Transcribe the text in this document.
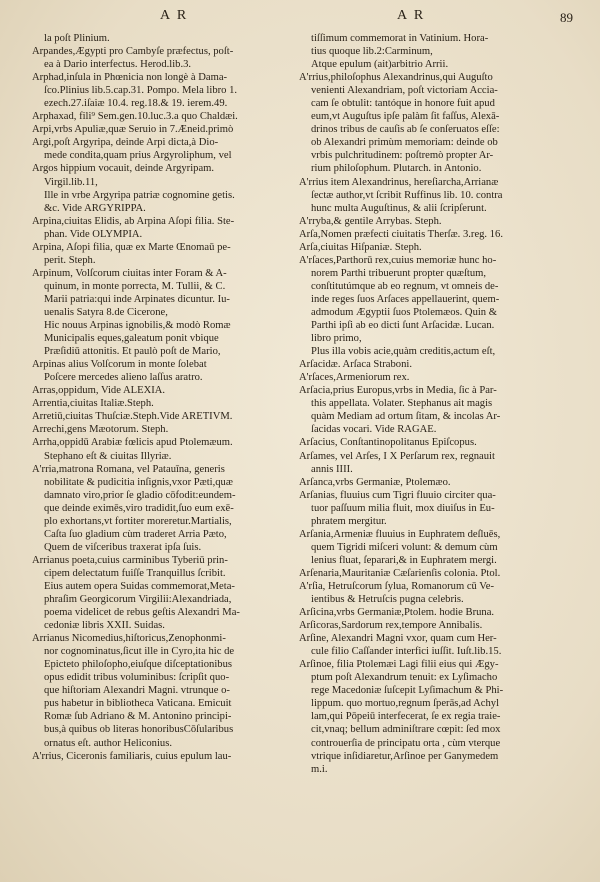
A R	A R	89
la poſt Plinium.
Arpandes,Ægypti pro Cambyſe præfectus, poſt-
ea à Dario interfectus. Herod.lib.3.
Arphad,inſula in Phœnicia non longè à Dama-
ſco.Plinius lib.5.cap.31. Pompo. Mela libro 1.
ezech.27.iſaiæ 10.4. reg.18.& 19. ierem.49.
Arphaxad, fili⁹ Sem.gen.10.luc.3.a quo Chaldæi.
Arpi,vrbs Apuliæ,quæ Seruio in 7.Æneid.primò
Argi,poſt Argyripa, deinde Arpi dicta,à Dio-
mede condita,quam prius Argyroliphum, vel
Argos hippium vocauit, deinde Argyripam.
Virgil.lib.11,
Ille in vrbe Argyripa patriæ cognomine getis.
&c. Vide ARGYRIPPA.
Arpina,ciuitas Elidis, ab Arpina Aſopi filia. Ste-
phan. Vide OLYMPIA.
Arpina, Aſopi filia, quæ ex Marte Œnomaū pe-
perit. Steph.
Arpinum, Volſcorum ciuitas inter Foram & A-
quinum, in monte porrecta, M. Tullii, & C.
Marii patria:qui inde Arpinates dicuntur. Iu-
uenalis Satyra 8.de Cicerone,
Hic nouus Arpinas ignobilis,& modò Romæ
Municipalis eques,galeatum ponit vbique
Præſidiū attonitis. Et paulò poſt de Mario,
Arpinas alius Volſcorum in monte ſolebat
Poſcere mercedes alieno laſſus aratro.
Arras,oppidum, Vide ALEXIA.
Arrentia,ciuitas Italiæ.Steph.
Arretiū,ciuitas Thuſciæ.Steph.Vide ARETIVM.
Arrechi,gens Mæotorum. Steph.
Arrha,oppidū Arabiæ fœlicis apud Ptolemæum.
Stephano eſt & ciuitas Illyriæ.
A'rria,matrona Romana, vel Patauīna, generis
nobilitate & pudicitia inſignis,vxor Pæti,quæ
damnato viro,prior ſe gladio cōfodit:eundem-
que deinde eximēs,viro tradidit,ſuo eum exē-
plo exhortans,vt fortiter moreretur.Martialis,
Caſta ſuo gladium cùm traderet Arria Pæto,
Quem de viſceribus traxerat ipſa ſuis.
Arrianus poeta,cuius carminibus Tyberiū prin-
cipem delectatum fuiſſe Tranquillus ſcribit.
Eius autem opera Suidas commemorat,Meta-
phraſim Georgicorum Virgilii:Alexandriada,
poema videlicet de rebus geſtis Alexandri Ma-
cedoniæ libris XXII. Suidas.
Arrianus Nicomedius,hiſtoricus,Zenophonmi-
nor cognominatus,ſicut ille in Cyro,ita hic de
Epicteto philoſopho,eiuſque diſceptationibus
opus edidit tribus voluminibus: ſcripſit quo-
que hiſtoriam Alexandri Magni. vtrunque o-
pus habetur in bibliotheca Vaticana. Emicuit
Romæ ſub Adriano & M. Antonino principi-
bus,à quibus ob literas honoribusCōſularibus
ornatus eſt. author Heliconius.
A'rrius, Ciceronis familiaris, cuius epulum lau-
tiſſimum commemorat in Vatinium. Hora-
tius quoque lib.2:Carminum,
Atque epulum (ait)arbitrio Arrii.
A'rrius,philoſophus Alexandrinus,qui Auguſto
venienti Alexandriam, poſt victoriam Accia-
cam ſe obtulit: tantóque in honore fuit apud
eum,vt Auguſtus ipſe palàm ſit faſſus, Alexā-
drinos tribus de cauſis ab ſe conſeruatos eſſe:
ob Alexandri primùm memoriam: deinde ob
vrbis pulchritudinem: poſtremò propter Ar-
rium philoſophum. Plutarch. in Antonio.
A'rrius item Alexandrinus, hereſiarcha,Arrianæ
ſectæ author,vt ſcribit Ruffinus lib. 10. contra
hunc multa Auguſtinus, & alii ſcripſerunt.
A'rryba,& gentile Arrybas. Steph.
Arſa,Nomen præfecti ciuitatis Therſæ. 3.reg. 16.
Arſa,ciuitas Hiſpaniæ. Steph.
A'rſaces,Parthorū rex,cuius memoriæ hunc ho-
norem Parthi tribuerunt propter quæſtum,
conſtitutúmque ab eo regnum, vt omneis de-
inde reges ſuos Arſaces appellauerint, quem-
admodum Ægyptii ſuos Ptolemæos. Quin &
Parthi ipſi ab eo dicti ſunt Arſacidæ. Lucan.
libro primo,
Plus illa vobis acie,quàm creditis,actum eſt,
Arſacidæ. Arſaca Straboni.
A'rſaces,Armeniorum rex.
Arſacia,prius Europus,vrbs in Media, ſic à Par-
this appellata. Volater. Stephanus ait magis
quàm Mediam ad ortum ſitam, & incolas Ar-
ſacidas vocari. Vide RAGAE.
Arſacius, Conſtantinopolitanus Epiſcopus.
Arſames, vel Arſes, I X Perſarum rex, regnauit
annis IIII.
Arſanca,vrbs Germaniæ, Ptolemæo.
Arſanias, fluuius cum Tigri fluuio circiter qua-
tuor paſſuum milia fluit, mox diuiſus in Eu-
phratem mergitur.
Arſania,Armeniæ fluuius in Euphratem deſluēs,
quem Tigridi miſceri volunt: & demum cùm
lenius fluat, ſeparari,& in Euphratem mergi.
Arſenaria,Mauritaniæ Cæſarienſis colonia. Ptol.
A'rſia, Hetruſcorum ſylua, Romanorum cū Ve-
ientibus & Hetruſcis pugna celebris.
Arſicina,vrbs Germaniæ,Ptolem. hodie Bruna.
Arſicoras,Sardorum rex,tempore Annibalis.
Arſine, Alexandri Magni vxor, quam cum Her-
cule filio Caſſander interfici iuſſit. Iuſt.lib.15.
Arſinoe, filia Ptolemæi Lagi filii eius qui Ægy-
ptum poſt Alexandrum tenuit: ex Lyſimacho
rege Macedoniæ ſuſcepit Lyſimachum & Phi-
lippum. quo mortuo,regnum ſperās,ad Achyl
lam,qui Pōpeiū interfecerat, ſe ex regia traie-
cit,vnaq; bellum adminiſtrare cœpit: ſed mox
controuerſia de principatu orta , cùm vterque
vtrique inſidiaretur,Arſinoe per Ganymedem
m.i.
